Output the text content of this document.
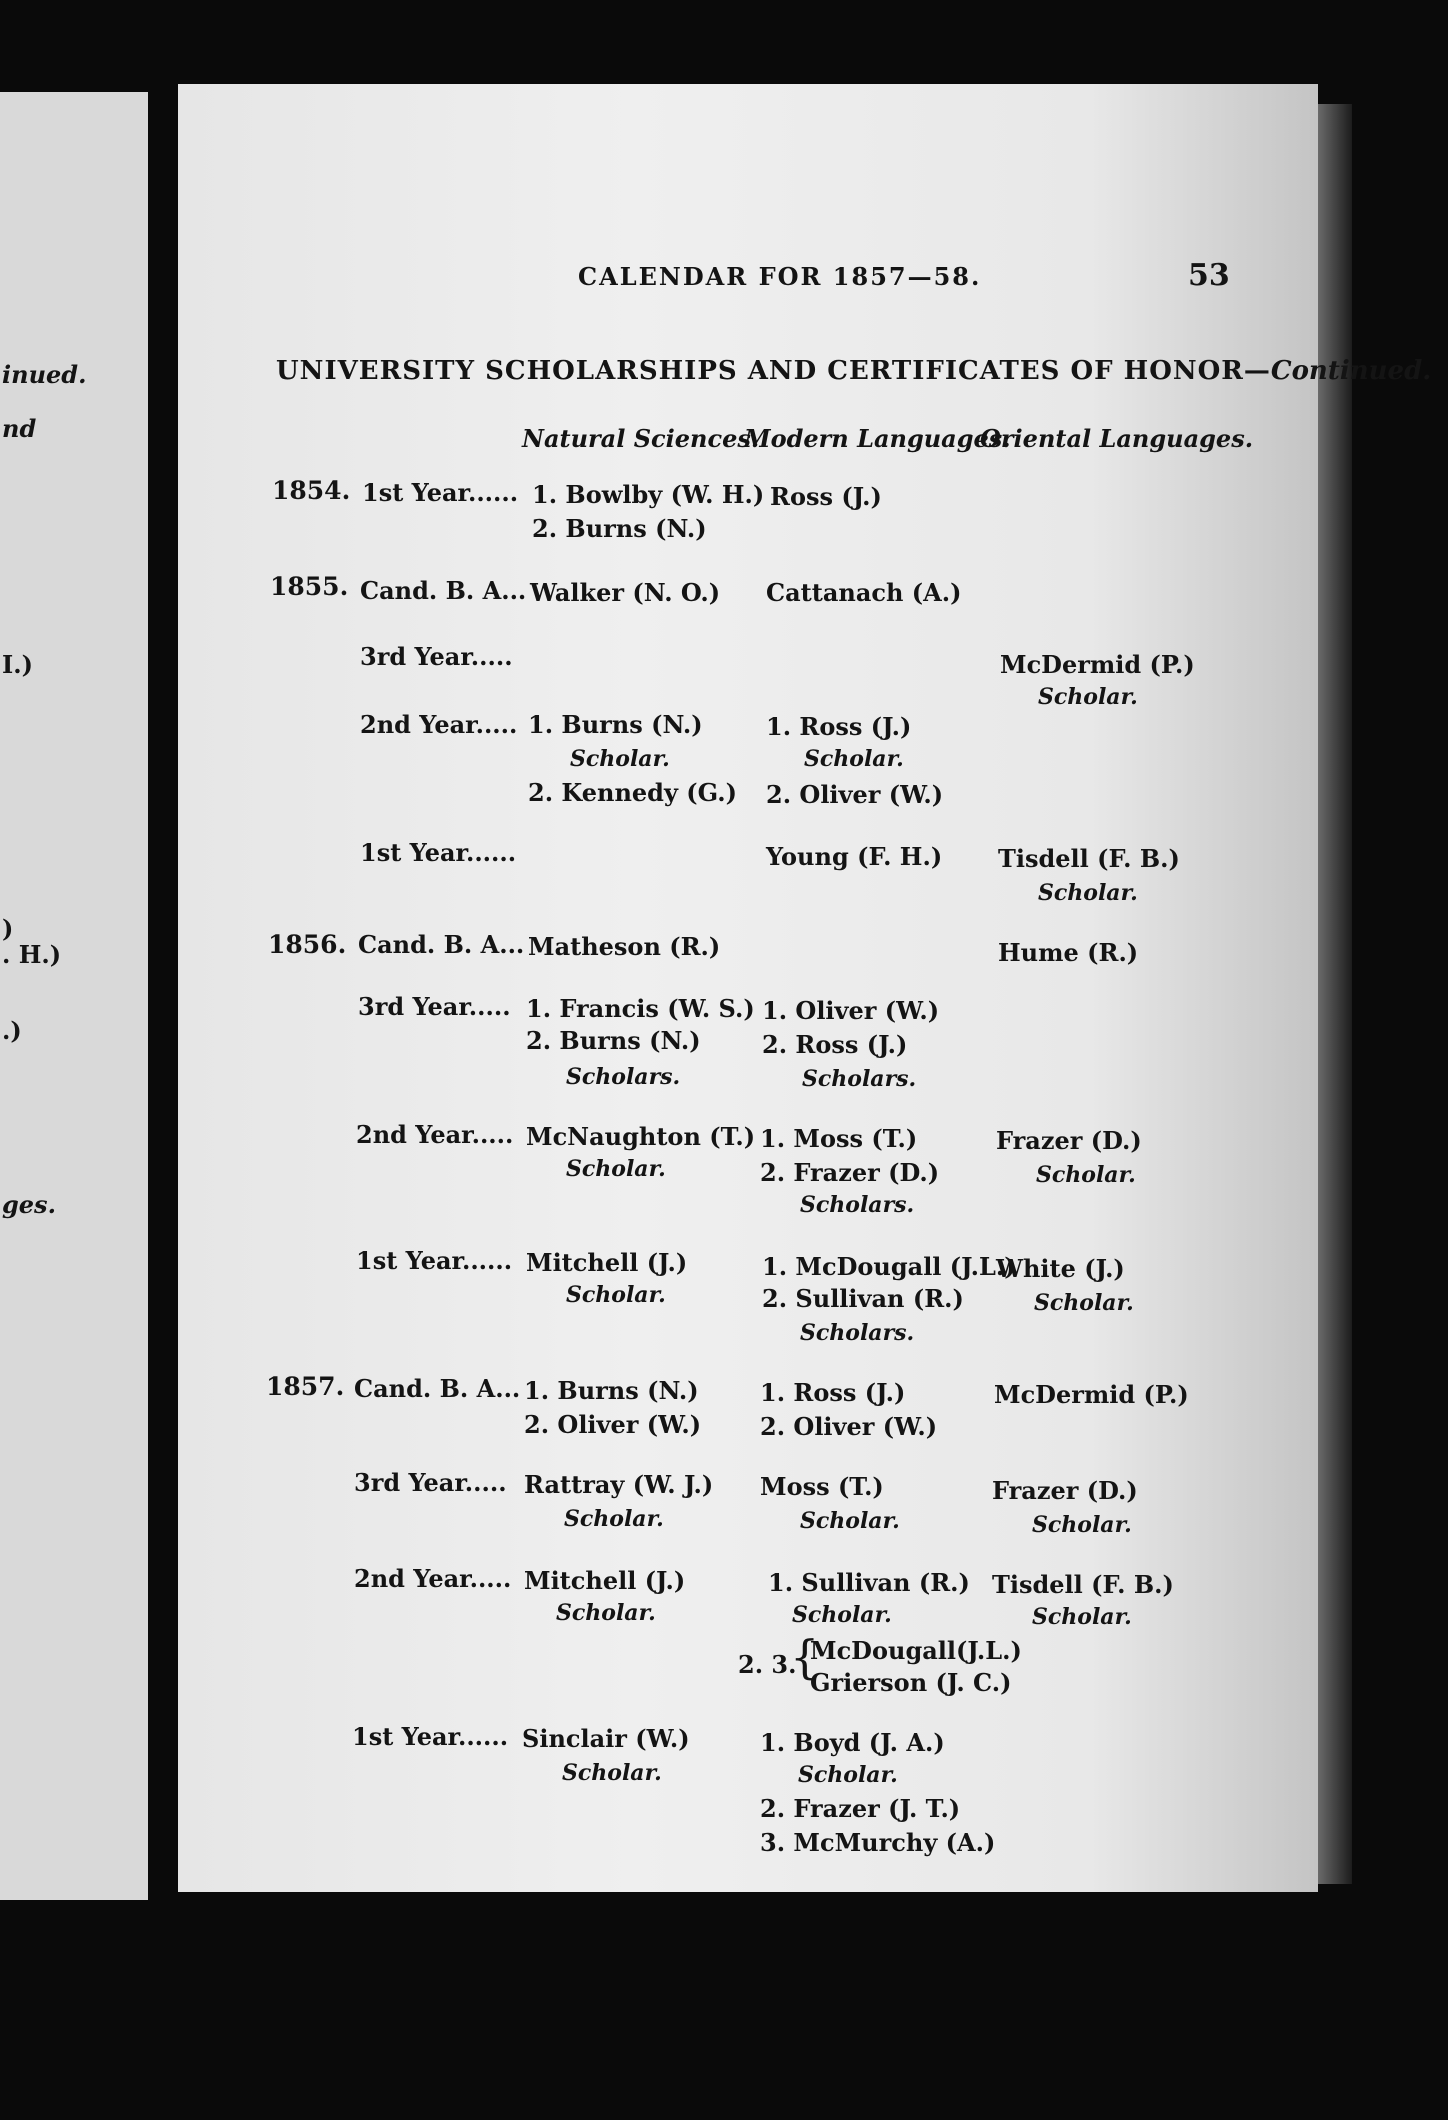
inued.
nd
I.)
)
. H.)
.)
ges.
CALENDAR FOR 1857—58.	53
UNIVERSITY SCHOLARSHIPS AND CERTIFICATES OF HONOR—Continued.
Natural Sciences.
Modern Languages.
Oriental Languages.
1854.
1855.
1856.
1857.
1st Year......
Cand. B. A...
3rd Year.....
2nd Year.....
1st Year......
Cand. B. A...
3rd Year.....
2nd Year.....
1st Year......
Cand. B. A...
3rd Year.....
2nd Year.....
1st Year......
1. Bowlby (W. H.)
2. Burns (N.)
Walker (N. O.)
1. Burns (N.)
Scholar.
2. Kennedy (G.)
Matheson (R.)
1. Francis (W. S.)
2. Burns (N.)
Scholars.
McNaughton (T.)
Scholar.
Mitchell (J.)
Scholar.
1. Burns (N.)
2. Oliver (W.)
Rattray (W. J.)
Scholar.
Mitchell (J.)
Scholar.
Sinclair (W.)
Scholar.
Ross (J.)
Cattanach (A.)
1. Ross (J.)
Scholar.
2. Oliver (W.)
Young (F. H.)
1. Oliver (W.)
2. Ross (J.)
Scholars.
1. Moss (T.)
2. Frazer (D.)
Scholars.
1. McDougall (J.L.)
2. Sullivan (R.)
Scholars.
1. Ross (J.)
2. Oliver (W.)
Moss (T.)
Scholar.
1. Sullivan (R.)
Scholar.
2. 3.
{
McDougall(J.L.)
Grierson (J. C.)
1. Boyd (J. A.)
Scholar.
2. Frazer (J. T.)
3. McMurchy (A.)
McDermid (P.)
Scholar.
Tisdell (F. B.)
Scholar.
Hume (R.)
Frazer (D.)
Scholar.
White (J.)
Scholar.
McDermid (P.)
Frazer (D.)
Scholar.
Tisdell (F. B.)
Scholar.
